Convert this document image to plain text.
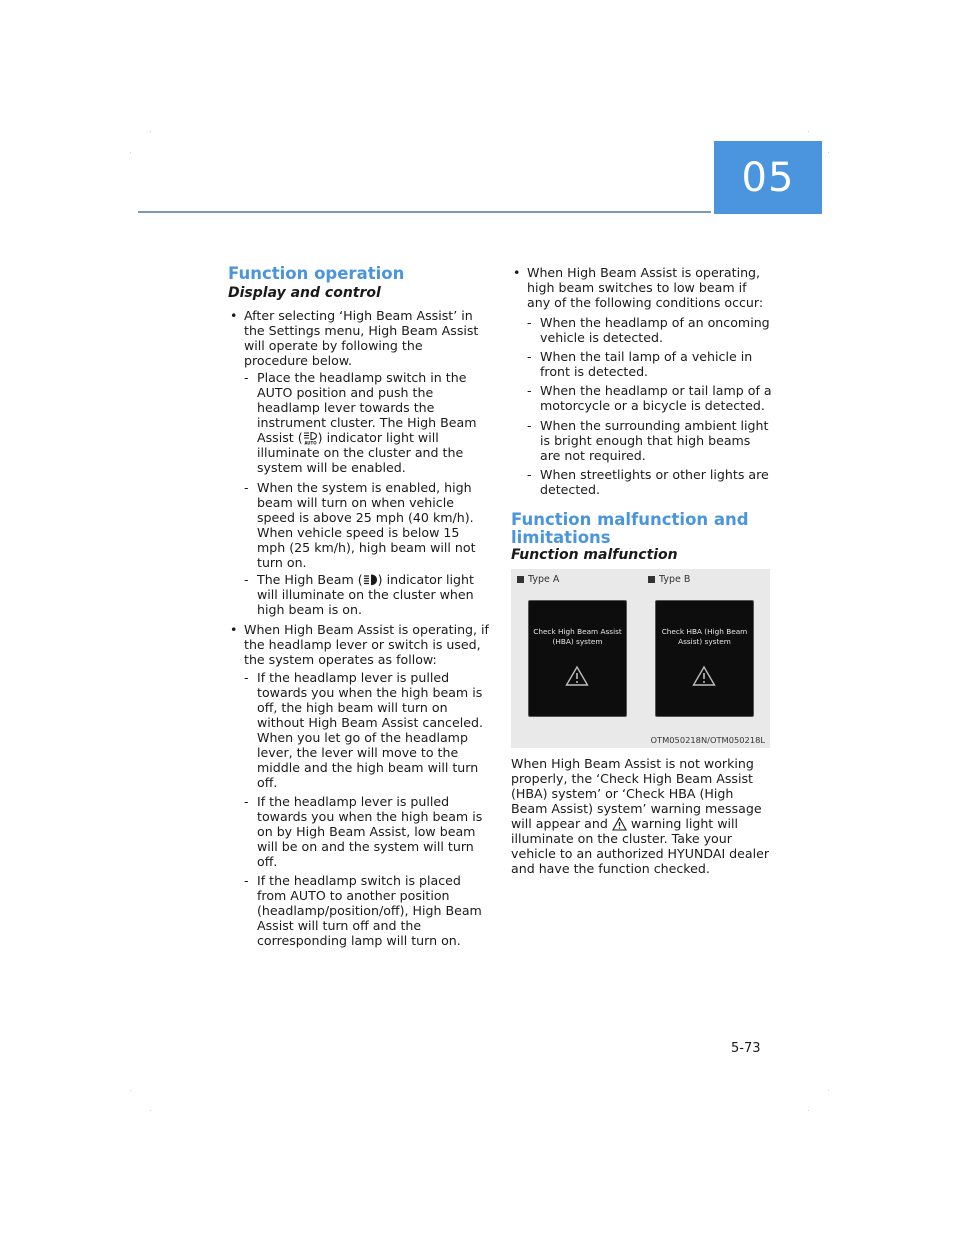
05
Function operation
Display and control

• After selecting ‘High Beam Assist’ in the Settings menu, High Beam Assist will operate by following the procedure below.

- Place the headlamp switch in the AUTO position and push the headlamp lever towards the instrument cluster. The High Beam Assist ( AUTO ) indicator light will illuminate on the cluster and the system will be enabled.

- When the system is enabled, high beam will turn on when vehicle speed is above 25 mph (40 km/h). When vehicle speed is below 15 mph (25 km/h), high beam will not turn on.

- The High Beam ( ) indicator light will illuminate on the cluster when high beam is on.

• When High Beam Assist is operating, if the headlamp lever or switch is used, the system operates as follow:

- If the headlamp lever is pulled towards you when the high beam is off, the high beam will turn on without High Beam Assist canceled. When you let go of the headlamp lever, the lever will move to the middle and the high beam will turn off.

- If the headlamp lever is pulled towards you when the high beam is on by High Beam Assist, low beam will be on and the system will turn off.

- If the headlamp switch is placed from AUTO to another position (headlamp/position/off), High Beam Assist will turn off and the corresponding lamp will turn on.

• When High Beam Assist is operating, high beam switches to low beam if any of the following conditions occur:

- When the headlamp of an oncoming vehicle is detected.

- When the tail lamp of a vehicle in front is detected.

- When the headlamp or tail lamp of a motorcycle or a bicycle is detected.

- When the surrounding ambient light is bright enough that high beams are not required.

- When streetlights or other lights are detected.

Function malfunction and limitations
Function malfunction

When High Beam Assist is not working properly, the ‘Check High Beam Assist (HBA) system’ or ‘Check HBA (High Beam Assist) system’ warning message will appear and warning light will illuminate on the cluster. Take your vehicle to an authorized HYUNDAI dealer and have the function checked.

Type A	Type B
Check High Beam Assist
(HBA) system
Check HBA (High Beam
Assist) system
OTM050218N/OTM050218L
5-73
